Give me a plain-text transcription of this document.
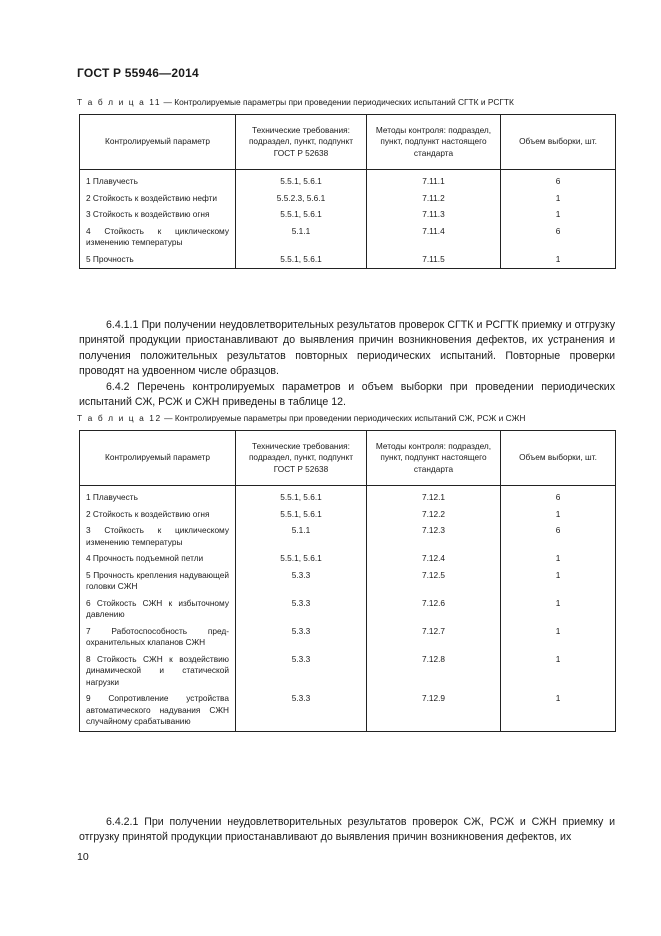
ГОСТ Р 55946—2014
Т а б л и ц а 11 — Контролируемые параметры при проведении периодических испытаний СГТК и РСГТК
Контролируемый параметр	Технические требования: подраздел, пункт, подпункт ГОСТ Р 52638	Методы контроля: подраздел, пункт, подпункт настоящего стандарта	Объем выборки, шт.
1 Плавучесть	5.5.1, 5.6.1	7.11.1	6
2 Стойкость к воздействию нефти	5.5.2.3, 5.6.1	7.11.2	1
3 Стойкость к воздействию огня	5.5.1, 5.6.1	7.11.3	1
4 Стойкость к циклическому изменению температуры	5.1.1	7.11.4	6
5 Прочность	5.5.1, 5.6.1	7.11.5	1

6.4.1.1 При получении неудовлетворительных результатов проверок СГТК и РСГТК приемку и отгрузку принятой продукции приостанавливают до выявления причин возникновения дефектов, их устранения и получения положительных результатов повторных периодических испытаний. Повторные проверки проводят на удвоенном числе образцов.

6.4.2 Перечень контролируемых параметров и объем выборки при проведении периодических испытаний СЖ, РСЖ и СЖН приведены в таблице 12.

Т а б л и ц а 12 — Контролируемые параметры при проведении периодических испытаний СЖ, РСЖ и СЖН
Контролируемый параметр	Технические требования: подраздел, пункт, подпункт ГОСТ Р 52638	Методы контроля: подраздел, пункт, подпункт настоящего стандарта	Объем выборки, шт.
1 Плавучесть	5.5.1, 5.6.1	7.12.1	6
2 Стойкость к воздействию огня	5.5.1, 5.6.1	7.12.2	1
3 Стойкость к циклическому изменению температуры	5.1.1	7.12.3	6
4 Прочность подъемной петли	5.5.1, 5.6.1	7.12.4	1
5 Прочность крепления надувающей головки СЖН	5.3.3	7.12.5	1
6 Стойкость СЖН к избыточному давлению	5.3.3	7.12.6	1
7 Работоспособность предохранительных клапанов СЖН	5.3.3	7.12.7	1
8 Стойкость СЖН к воздействию динамической и статической нагрузки	5.3.3	7.12.8	1
9 Сопротивление устройства автоматического надувания СЖН случайному срабатыванию	5.3.3	7.12.9	1

6.4.2.1 При получении неудовлетворительных результатов проверок СЖ, РСЖ и СЖН приемку и отгрузку принятой продукции приостанавливают до выявления причин возникновения дефектов, их

10
